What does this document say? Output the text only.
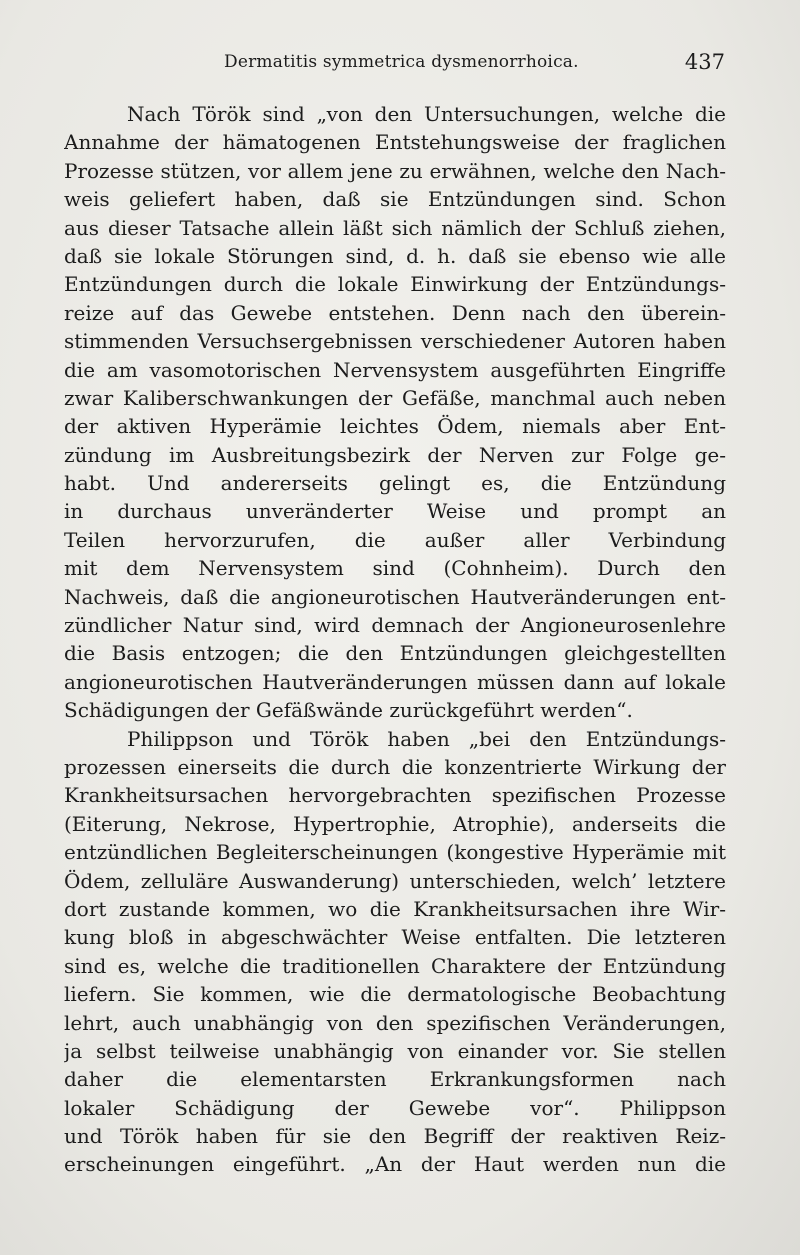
Dermatitis symmetrica dysmenorrhoica.	437
Nach Török sind „von den Untersuchungen, welche die
Annahme der hämatogenen Entstehungsweise der fraglichen
Prozesse stützen, vor allem jene zu erwähnen, welche den Nach-
weis geliefert haben, daß sie Entzündungen sind. Schon
aus dieser Tatsache allein läßt sich nämlich der Schluß ziehen,
daß sie lokale Störungen sind, d. h. daß sie ebenso wie alle
Entzündungen durch die lokale Einwirkung der Entzündungs-
reize auf das Gewebe entstehen. Denn nach den überein-
stimmenden Versuchsergebnissen verschiedener Autoren haben
die am vasomotorischen Nervensystem ausgeführten Eingriffe
zwar Kaliberschwankungen der Gefäße, manchmal auch neben
der aktiven Hyperämie leichtes Ödem, niemals aber Ent-
zündung im Ausbreitungsbezirk der Nerven zur Folge ge-
habt. Und andererseits gelingt es, die Entzündung
in durchaus unveränderter Weise und prompt an
Teilen hervorzurufen, die außer aller Verbindung
mit dem Nervensystem sind (Cohnheim). Durch den
Nachweis, daß die angioneurotischen Hautveränderungen ent-
zündlicher Natur sind, wird demnach der Angioneurosenlehre
die Basis entzogen; die den Entzündungen gleichgestellten
angioneurotischen Hautveränderungen müssen dann auf lokale
Schädigungen der Gefäßwände zurückgeführt werden“.
Philippson und Török haben „bei den Entzündungs-
prozessen einerseits die durch die konzentrierte Wirkung der
Krankheitsursachen hervorgebrachten spezifischen Prozesse
(Eiterung, Nekrose, Hypertrophie, Atrophie), anderseits die
entzündlichen Begleiterscheinungen (kongestive Hyperämie mit
Ödem, zelluläre Auswanderung) unterschieden, welch’ letztere
dort zustande kommen, wo die Krankheitsursachen ihre Wir-
kung bloß in abgeschwächter Weise entfalten. Die letzteren
sind es, welche die traditionellen Charaktere der Entzündung
liefern. Sie kommen, wie die dermatologische Beobachtung
lehrt, auch unabhängig von den spezifischen Veränderungen,
ja selbst teilweise unabhängig von einander vor. Sie stellen
daher die elementarsten Erkrankungsformen nach
lokaler Schädigung der Gewebe vor“. Philippson
und Török haben für sie den Begriff der reaktiven Reiz-
erscheinungen eingeführt. „An der Haut werden nun die
